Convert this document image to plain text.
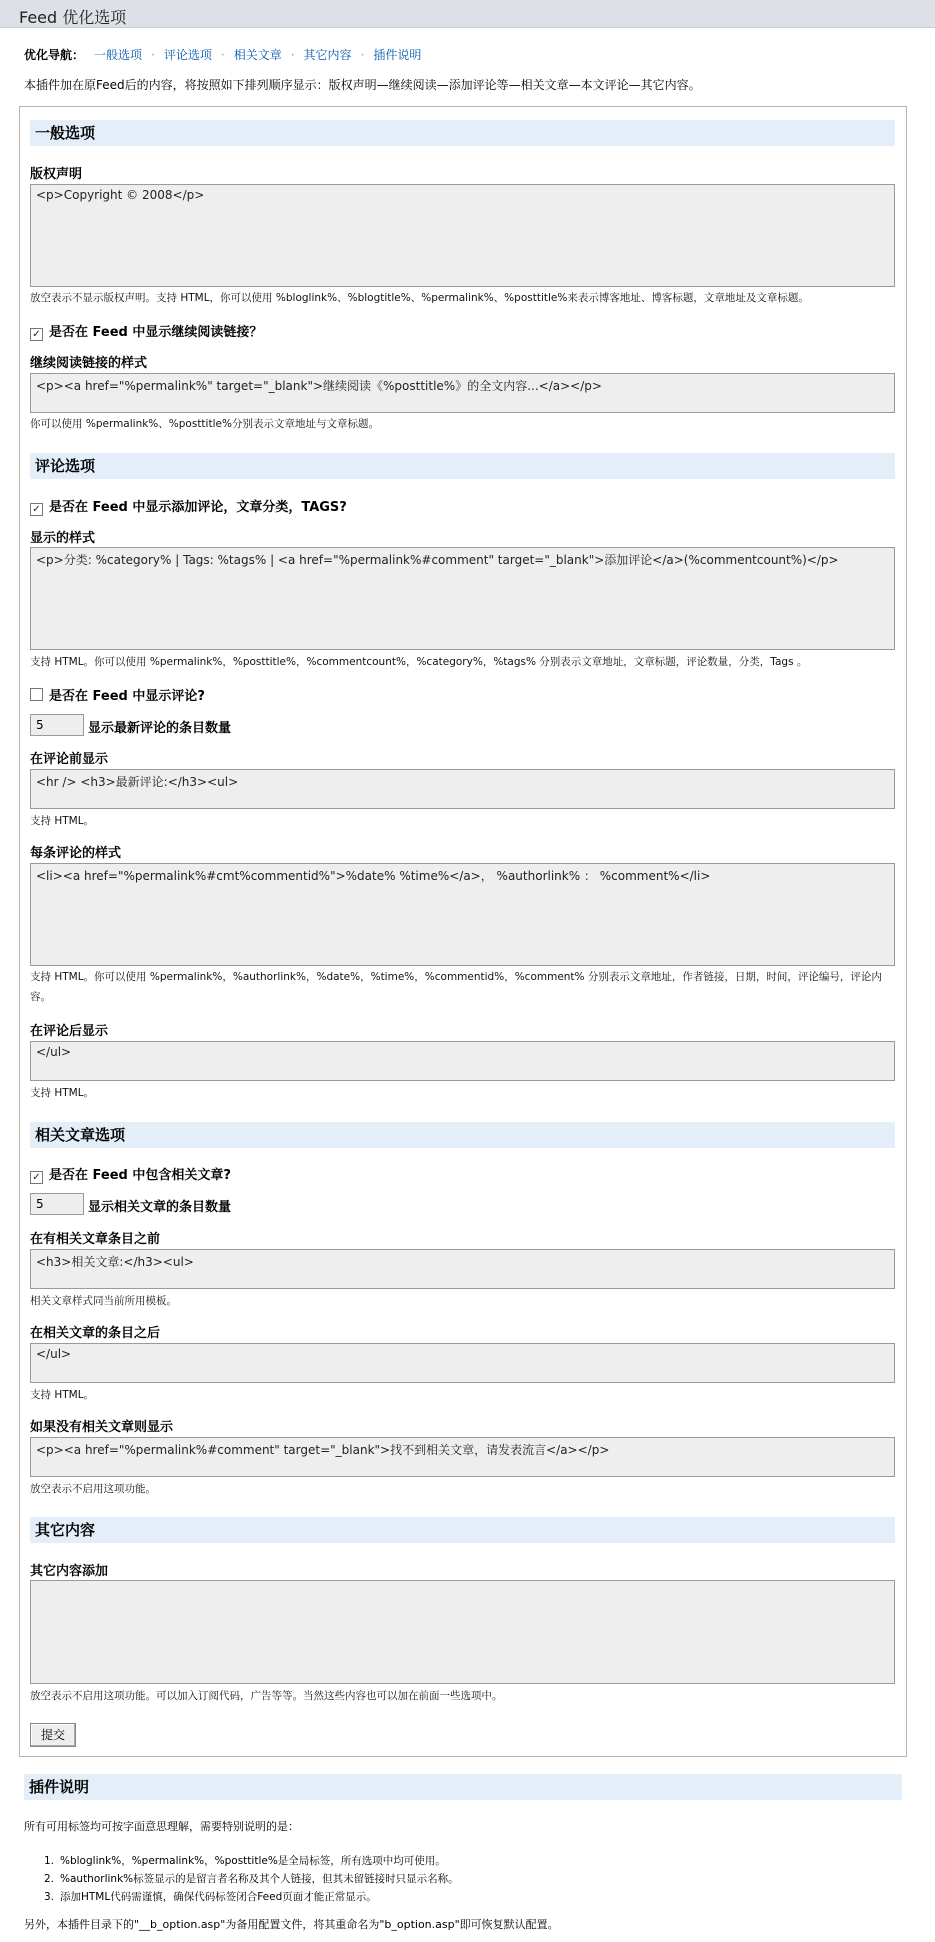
Feed 优化选项
优化导航： 一般选项 · 评论选项 · 相关文章 · 其它内容 · 插件说明
本插件加在原Feed后的内容，将按照如下排列顺序显示：版权声明—继续阅读—添加评论等—相关文章—本文评论—其它内容。
一般选项
版权声明
<p>Copyright © 2008</p>
放空表示不显示版权声明。支持 HTML，你可以使用 %bloglink%、%blogtitle%、%permalink%、%posttitle%来表示博客地址、博客标题，文章地址及文章标题。
✓ 是否在 Feed 中显示继续阅读链接？
继续阅读链接的样式
<p><a href="%permalink%" target="_blank">继续阅读《%posttitle%》的全文内容...</a></p>
你可以使用 %permalink%、%posttitle%分别表示文章地址与文章标题。
评论选项
✓ 是否在 Feed 中显示添加评论，文章分类，TAGS?
显示的样式
<p>分类: %category% | Tags: %tags% | <a href="%permalink%#comment" target="_blank">添加评论</a>(%commentcount%)</p>
支持 HTML。你可以使用 %permalink%，%posttitle%，%commentcount%，%category%，%tags% 分别表示文章地址，文章标题，评论数量，分类，Tags 。
是否在 Feed 中显示评论?
5	显示最新评论的条目数量
在评论前显示
<hr /> <h3>最新评论:</h3><ul>
支持 HTML。
每条评论的样式
<li><a href="%permalink%#cmt%commentid%">%date% %time%</a>， %authorlink% ： %comment%</li>
支持 HTML。你可以使用 %permalink%，%authorlink%，%date%，%time%，%commentid%，%comment% 分别表示文章地址，作者链接，日期，时间，评论编号，评论内容。
在评论后显示
</ul>
支持 HTML。
相关文章选项
✓ 是否在 Feed 中包含相关文章?
5	显示相关文章的条目数量
在有相关文章条目之前
<h3>相关文章:</h3><ul>
相关文章样式同当前所用模板。
在相关文章的条目之后
</ul>
支持 HTML。
如果没有相关文章则显示
<p><a href="%permalink%#comment" target="_blank">找不到相关文章，请发表流言</a></p>
放空表示不启用这项功能。
其它内容
其它内容添加
放空表示不启用这项功能。可以加入订阅代码，广告等等。当然这些内容也可以加在前面一些选项中。
提交
插件说明
所有可用标签均可按字面意思理解，需要特别说明的是：
1. %bloglink%，%permalink%，%posttitle%是全局标签，所有选项中均可使用。
2. %authorlink%标签显示的是留言者名称及其个人链接，但其未留链接时只显示名称。
3. 添加HTML代码需谨慎，确保代码标签闭合Feed页面才能正常显示。
另外，本插件目录下的"__b_option.asp"为备用配置文件，将其重命名为"b_option.asp"即可恢复默认配置。
